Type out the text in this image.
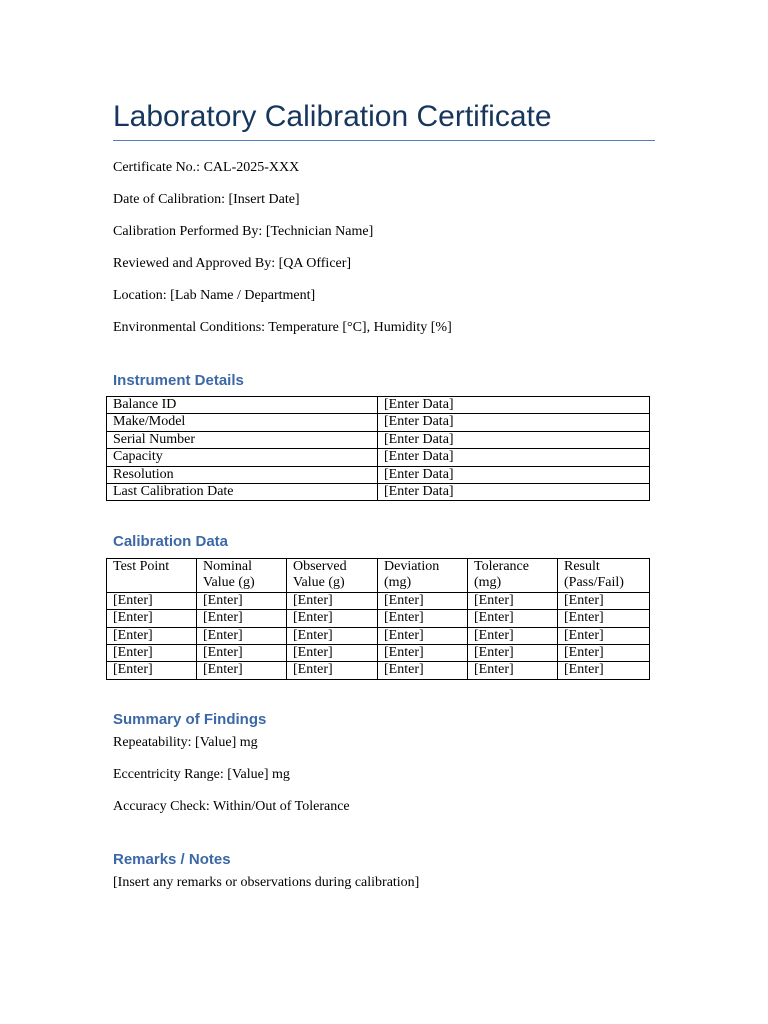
Laboratory Calibration Certificate
Certificate No.: CAL-2025-XXX
Date of Calibration: [Insert Date]
Calibration Performed By: [Technician Name]
Reviewed and Approved By: [QA Officer]
Location: [Lab Name / Department]
Environmental Conditions: Temperature [°C], Humidity [%]
Instrument Details
Balance ID	[Enter Data]
Make/Model	[Enter Data]
Serial Number	[Enter Data]
Capacity	[Enter Data]
Resolution	[Enter Data]
Last Calibration Date	[Enter Data]
Calibration Data
Test Point	Nominal Value (g)	Observed Value (g)	Deviation (mg)	Tolerance (mg)	Result (Pass/Fail)
[Enter]	[Enter]	[Enter]	[Enter]	[Enter]	[Enter]
[Enter]	[Enter]	[Enter]	[Enter]	[Enter]	[Enter]
[Enter]	[Enter]	[Enter]	[Enter]	[Enter]	[Enter]
[Enter]	[Enter]	[Enter]	[Enter]	[Enter]	[Enter]
[Enter]	[Enter]	[Enter]	[Enter]	[Enter]	[Enter]
Summary of Findings
Repeatability: [Value] mg
Eccentricity Range: [Value] mg
Accuracy Check: Within/Out of Tolerance
Remarks / Notes
[Insert any remarks or observations during calibration]
